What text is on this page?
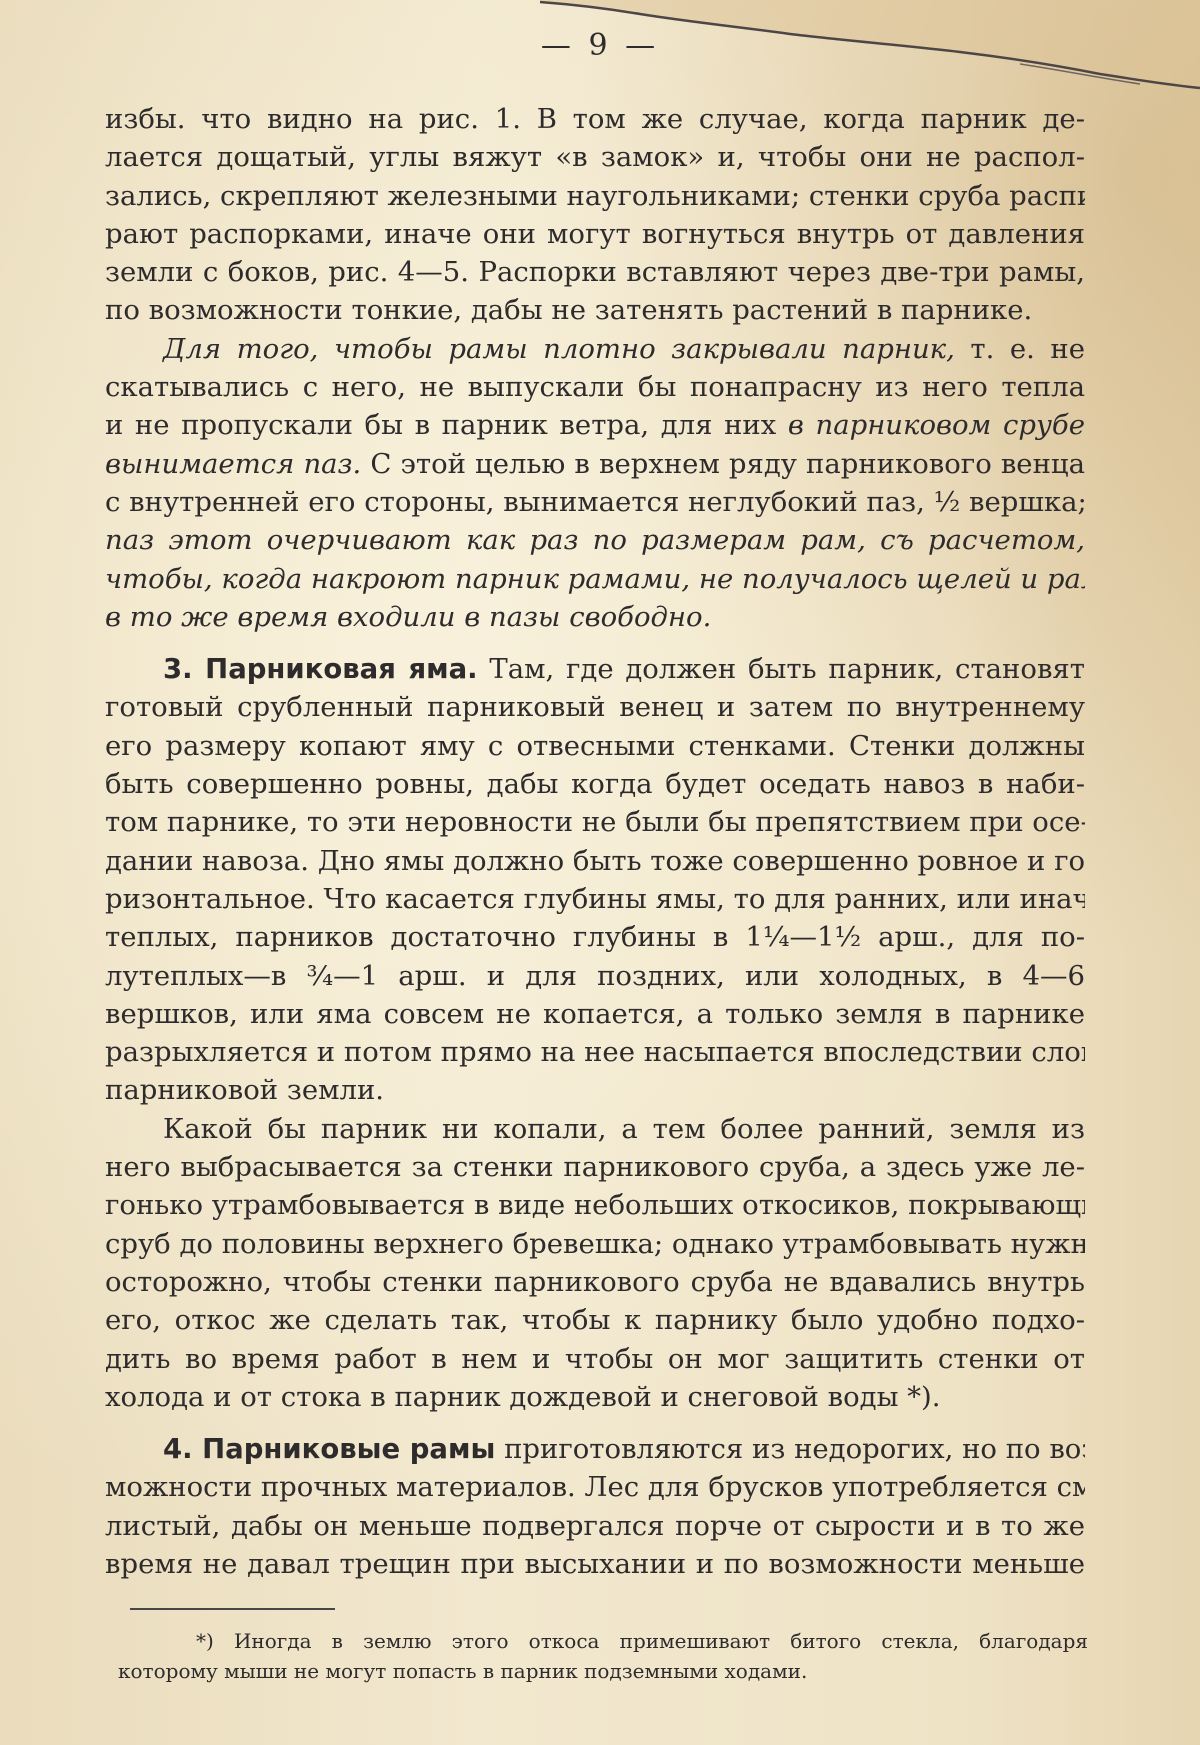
— 9 —
избы. что видно на рис. 1. В том же случае, когда парник де-
лается дощатый, углы вяжут «в замок» и, чтобы они не распол-
зались, скрепляют железными наугольниками; стенки сруба распи-
рают распорками, иначе они могут вогнуться внутрь от давления
земли с боков, рис. 4—5. Распорки вставляют через две-три рамы,
по возможности тонкие, дабы не затенять растений в парнике.
Для того, чтобы рамы плотно закрывали парник, т. е. не
скатывались с него, не выпускали бы понапрасну из него тепла
и не пропускали бы в парник ветра, для них в парниковом срубе
вынимается паз. С этой целью в верхнем ряду парникового венца
с внутренней его стороны, вынимается неглубокий паз, ½ вершка;
паз этот очерчивают как раз по размерам рам, съ расчетом,
чтобы, когда накроют парник рамами, не получалось щелей и рамы
в то же время входили в пазы свободно.
3. Парниковая яма. Там, где должен быть парник, становят
готовый срубленный парниковый венец и затем по внутреннему
его размеру копают яму с отвесными стенками. Стенки должны
быть совершенно ровны, дабы когда будет оседать навоз в наби-
том парнике, то эти неровности не были бы препятствием при осе-
дании навоза. Дно ямы должно быть тоже совершенно ровное и го-
ризонтальное. Что касается глубины ямы, то для ранних, или иначе
теплых, парников достаточно глубины в 1¼—1½ арш., для по-
лутеплых—в ¾—1 арш. и для поздних, или холодных, в 4—6
вершков, или яма совсем не копается, а только земля в парнике
разрыхляется и потом прямо на нее насыпается впоследствии слой
парниковой земли.
Какой бы парник ни копали, а тем более ранний, земля из
него выбрасывается за стенки парникового сруба, а здесь уже ле-
гонько утрамбовывается в виде небольших откосиков, покрывающих
сруб до половины верхнего бревешка; однако утрамбовывать нужно
осторожно, чтобы стенки парникового сруба не вдавались внутрь
его, откос же сделать так, чтобы к парнику было удобно подхо-
дить во время работ в нем и чтобы он мог защитить стенки от
холода и от стока в парник дождевой и снеговой воды *).
4. Парниковые рамы приготовляются из недорогих, но по воз-
можности прочных материалов. Лес для брусков употребляется смо-
листый, дабы он меньше подвергался порче от сырости и в то же
время не давал трещин при высыхании и по возможности меньше
*) Иногда в землю этого откоса примешивают битого стекла, благодаря
которому мыши не могут попасть в парник подземными ходами.
